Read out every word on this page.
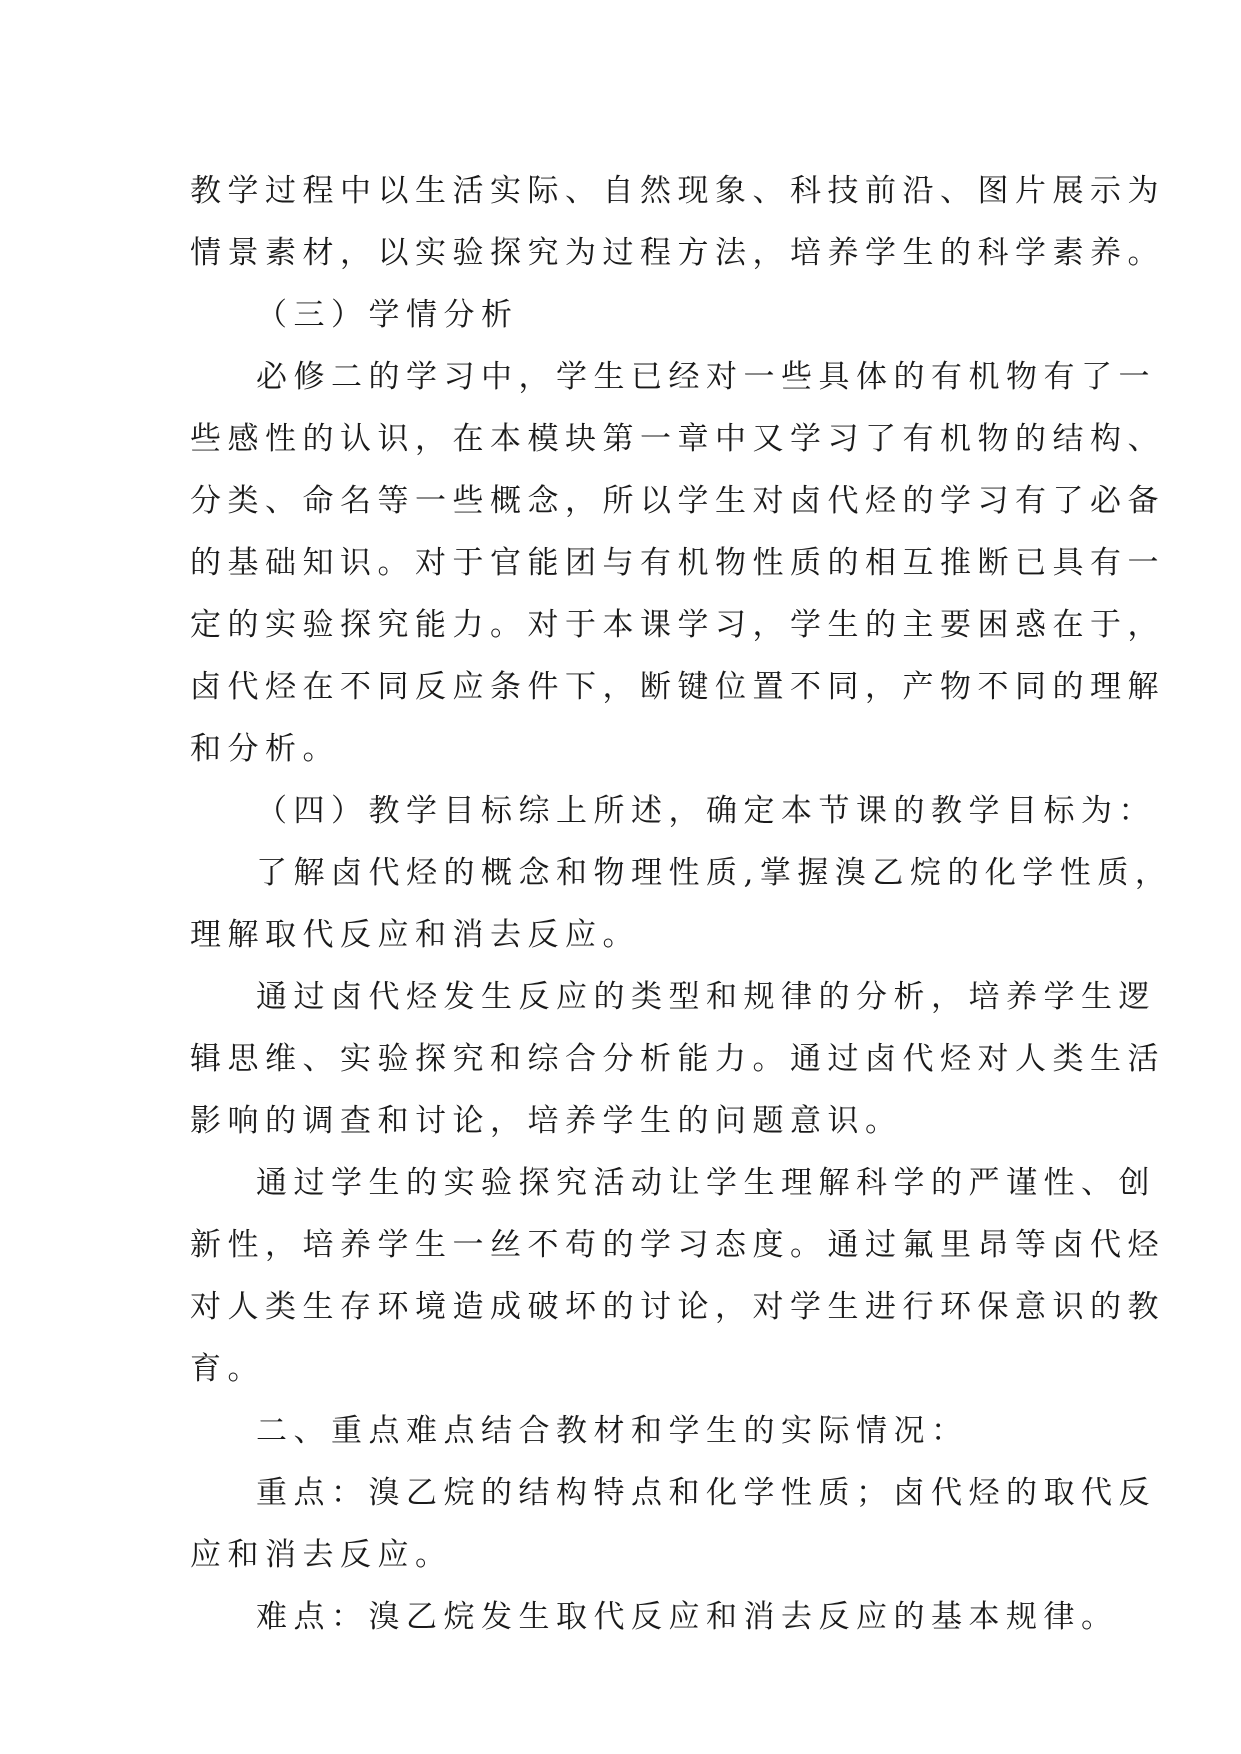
教学过程中以生活实际、自然现象、科技前沿、图片展示为
情景素材，以实验探究为过程方法，培养学生的科学素养。
（三）学情分析
必修二的学习中，学生已经对一些具体的有机物有了一
些感性的认识，在本模块第一章中又学习了有机物的结构、
分类、命名等一些概念，所以学生对卤代烃的学习有了必备
的基础知识。对于官能团与有机物性质的相互推断已具有一
定的实验探究能力。对于本课学习，学生的主要困惑在于，
卤代烃在不同反应条件下，断键位置不同，产物不同的理解
和分析。
（四）教学目标综上所述，确定本节课的教学目标为：
了解卤代烃的概念和物理性质,掌握溴乙烷的化学性质，
理解取代反应和消去反应。
通过卤代烃发生反应的类型和规律的分析，培养学生逻
辑思维、实验探究和综合分析能力。通过卤代烃对人类生活
影响的调查和讨论，培养学生的问题意识。
通过学生的实验探究活动让学生理解科学的严谨性、创
新性，培养学生一丝不苟的学习态度。通过氟里昂等卤代烃
对人类生存环境造成破坏的讨论，对学生进行环保意识的教
育。
二、重点难点结合教材和学生的实际情况：
重点：溴乙烷的结构特点和化学性质；卤代烃的取代反
应和消去反应。
难点：溴乙烷发生取代反应和消去反应的基本规律。
